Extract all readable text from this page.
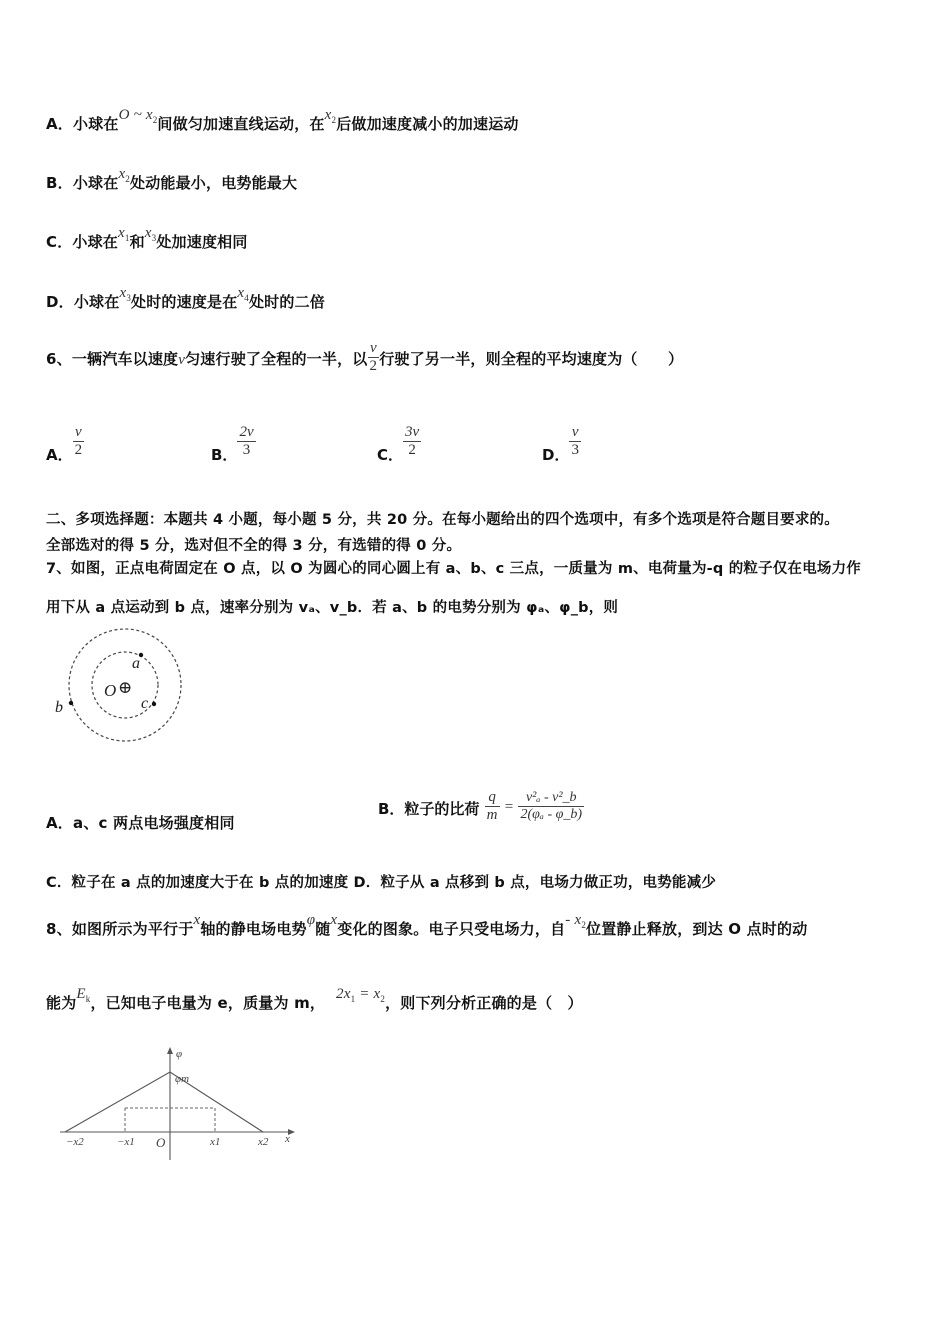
A．小球在O ~ $x_2$间做匀加速直线运动，在$x_2$后做加速度减小的加速运动
B．小球在$x_2$处动能最小，电势能最大
C．小球在$x_1$和$x_3$处加速度相同
D．小球在$x_3$处时的速度是在$x_4$处时的二倍
6、一辆汽车以速度v匀速行驶了全程的一半，以 $\frac{v}{2}$ 行驶了另一半，则全程的平均速度为（　　）
A． $\frac{v}{2}$	B． $\frac{2v}{3}$	C． $\frac{3v}{2}$	D． $\frac{v}{3}$
二、多项选择题：本题共 4 小题，每小题 5 分，共 20 分。在每小题给出的四个选项中，有多个选项是符合题目要求的。
全部选对的得 5 分，选对但不全的得 3 分，有选错的得 0 分。
7、如图，正点电荷固定在 O 点，以 O 为圆心的同心圆上有 a、b、c 三点，一质量为 m、电荷量为-q 的粒子仅在电场力作
用下从 a 点运动到 b 点，速率分别为 vₐ、v_b．若 a、b 的电势分别为 φₐ、φ_b，则
a
b	c
O ⊕
A．a、c 两点电场强度相同
B．粒子的比荷 $\frac{q}{m} = \frac{\text{v²ₐ - v²\_b}}{\text{2(φₐ - φ\_b)}}$
C．粒子在 a 点的加速度大于在 b 点的加速度 D．粒子从 a 点移到 b 点，电场力做正功，电势能减少
8、如图所示为平行于x轴的静电场电势φ随x变化的图象。电子只受电场力，自- $x_2$位置静止释放，到达 O 点时的动
能为$E_k$，已知电子电量为 e，质量为 m， $2x_1 = x_2$，则下列分析正确的是（　）
φ
φm
x
−x2	−x1 O	x1	x2
